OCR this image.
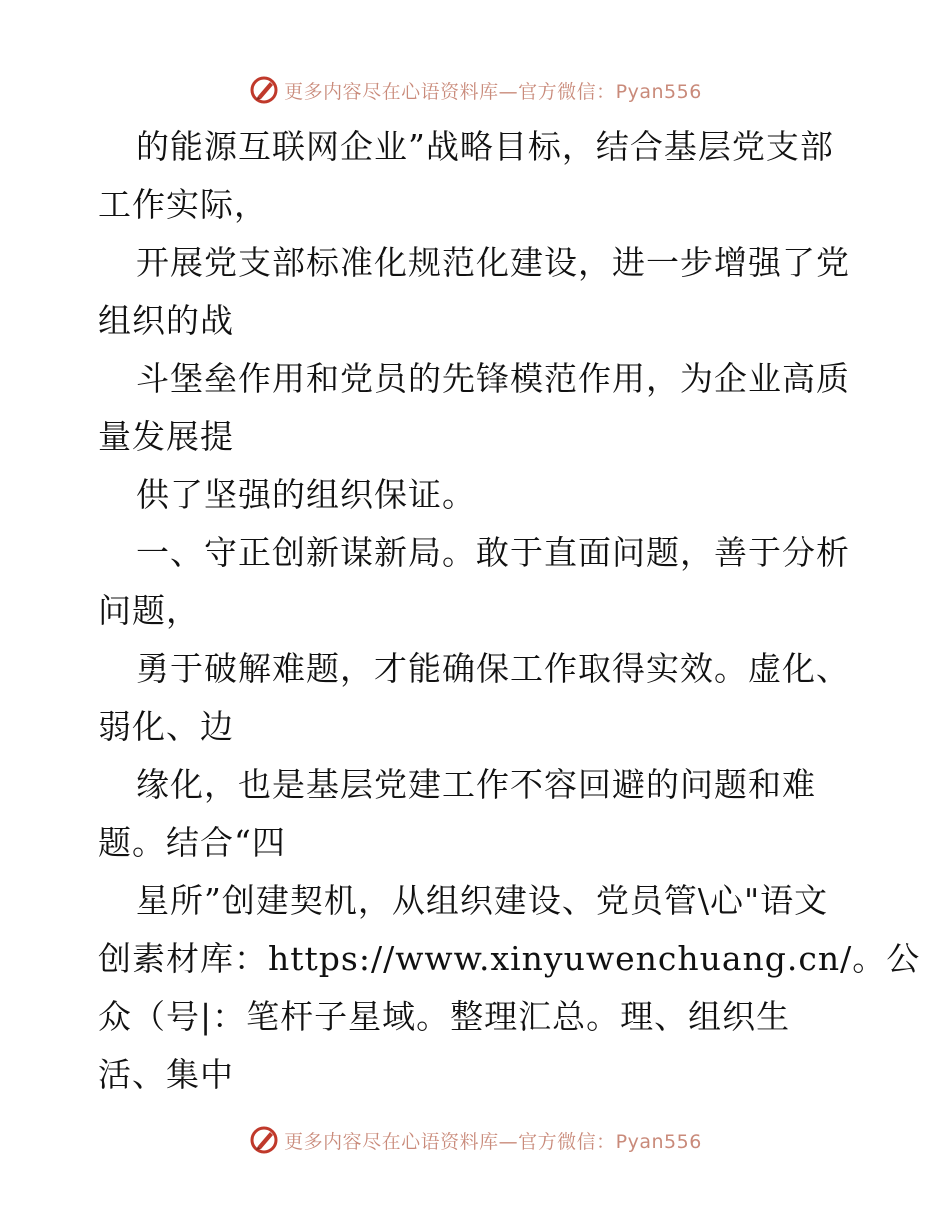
更多内容尽在心语资料库—官方微信：Pyan556
的能源互联网企业”战略目标，结合基层党支部
工作实际，
开展党支部标准化规范化建设，进一步增强了党
组织的战
斗堡垒作用和党员的先锋模范作用，为企业高质
量发展提
供了坚强的组织保证。
一、守正创新谋新局。敢于直面问题，善于分析
问题，
勇于破解难题，才能确保工作取得实效。虚化、
弱化、边
缘化，也是基层党建工作不容回避的问题和难
题。结合“四
星所”创建契机，从组织建设、党员管\心"语文
创素材库：https://www.xinyuwenchuang.cn/。公
众（号|：笔杆子星域。整理汇总。理、组织生
活、集中
更多内容尽在心语资料库—官方微信：Pyan556
